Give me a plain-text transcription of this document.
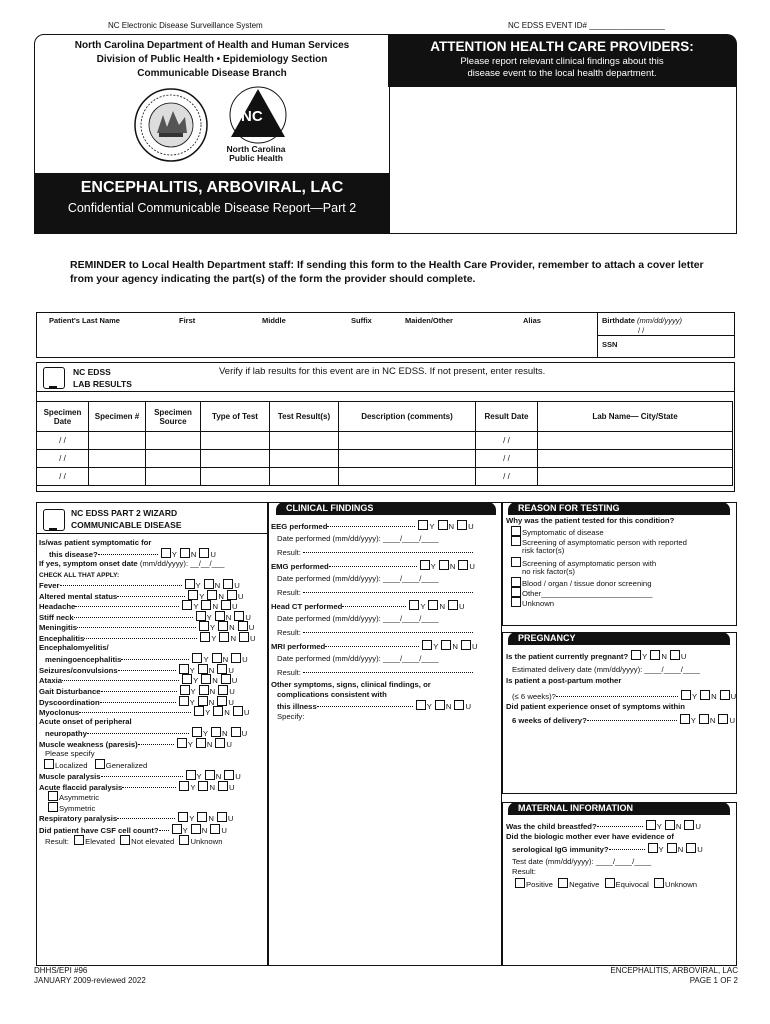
NC Electronic Disease Surveillance System	NC EDSS EVENT ID# _________________
North Carolina Department of Health and Human Services
Division of Public Health • Epidemiology Section
Communicable Disease Branch
NC
North Carolina
Public Health
ENCEPHALITIS, ARBOVIRAL, LAC
Confidential Communicable Disease Report—Part 2
ATTENTION HEALTH CARE PROVIDERS:
Please report relevant clinical findings about this disease event to the local health department.
REMINDER to Local Health Department staff: If sending this form to the Health Care Provider, remember to attach a cover letter from your agency indicating the part(s) of the form the provider should complete.
Patient's Last Name	First	Middle	Suffix	Maiden/Other	Alias	Birthdate (mm/dd/yyyy)
/ /
SSN
NC EDSS
LAB RESULTS
Verify if lab results for this event are in NC EDSS. If not present, enter results.
Specimen Date	Specimen #	Specimen Source	Type of Test	Test Result(s)	Description (comments)	Result Date	Lab Name— City/State
/ /						/ /	
/ /						/ /	
/ /						/ /	
NC EDSS PART 2 WIZARD
COMMUNICABLE DISEASE
Is/was patient symptomatic for
this disease?	Y N U
If yes, symptom onset date (mm/dd/yyyy): __/__/___
CHECK ALL THAT APPLY:
Fever	Y N U
Altered mental status	Y N U
Headache	Y N U
Stiff neck	Y N U
Meningitis	Y N U
Encephalitis	Y N U
Encephalomyelitis/
meningoencephalitis	Y N U
Seizures/convulsions	Y N U
Ataxia	Y N U
Gait Disturbance	Y N U
Dyscoordination	Y N U
Myoclonus	Y N U
Acute onset of peripheral
neuropathy	Y N U
Muscle weakness (paresis)	Y N U
Please specify
Localized Generalized
Muscle paralysis	Y N U
Acute flaccid paralysis	Y N U
Asymmetric
Symmetric
Respiratory paralysis	Y N U
Did patient have CSF cell count?	Y N U
Result: Elevated Not elevated Unknown
CLINICAL FINDINGS
EEG performed	Y N U
Date performed (mm/dd/yyyy): ____/____/____
Result:
EMG performed	Y N U
Date performed (mm/dd/yyyy): ____/____/____
Result:
Head CT performed	Y N U
Date performed (mm/dd/yyyy): ____/____/____
Result:
MRI performed	Y N U
Date performed (mm/dd/yyyy): ____/____/____
Result:
Other symptoms, signs, clinical findings, or
complications consistent with
this illness	Y N U
Specify:
REASON FOR TESTING
Why was the patient tested for this condition?
Symptomatic of disease
Screening of asymptomatic person with reported
risk factor(s)
Screening of asymptomatic person with
no risk factor(s)
Blood / organ / tissue donor screening
Other__________________________
Unknown
PREGNANCY
Is the patient currently pregnant? Y N U
Estimated delivery date (mm/dd/yyyy): ____/____/____
Is patient a post-partum mother
(≤ 6 weeks)?	Y N U
Did patient experience onset of symptoms within
6 weeks of delivery?	Y N U
MATERNAL INFORMATION
Was the child breastfed?	Y N U
Did the biologic mother ever have evidence of
serological IgG immunity?	Y N U
Test date (mm/dd/yyyy): ____/____/____
Result:
Positive Negative Equivocal Unknown
DHHS/EPI #96
JANUARY 2009-reviewed 2022
ENCEPHALITIS, ARBOVIRAL, LAC
PAGE 1 OF 2
